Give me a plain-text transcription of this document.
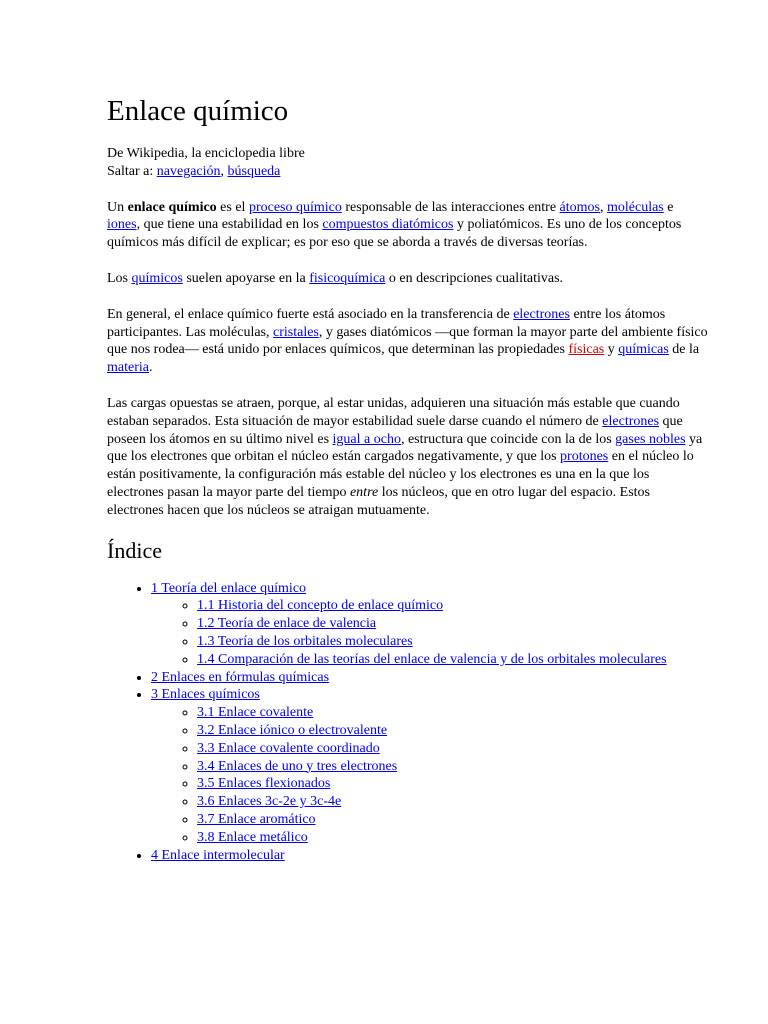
Enlace químico

De Wikipedia, la enciclopedia libre

Saltar a: navegación, búsqueda

Un enlace químico es el proceso químico responsable de las interacciones entre átomos, moléculas e iones, que tiene una estabilidad en los compuestos diatómicos y poliatómicos. Es uno de los conceptos químicos más difícil de explicar; es por eso que se aborda a través de diversas teorías.

Los químicos suelen apoyarse en la fisicoquímica o en descripciones cualitativas.

En general, el enlace químico fuerte está asociado en la transferencia de electrones entre los átomos participantes. Las moléculas, cristales, y gases diatómicos —que forman la mayor parte del ambiente físico que nos rodea— está unido por enlaces químicos, que determinan las propiedades físicas y químicas de la materia.

Las cargas opuestas se atraen, porque, al estar unidas, adquieren una situación más estable que cuando estaban separados. Esta situación de mayor estabilidad suele darse cuando el número de electrones que poseen los átomos en su último nivel es igual a ocho, estructura que coincide con la de los gases nobles ya que los electrones que orbitan el núcleo están cargados negativamente, y que los protones en el núcleo lo están positivamente, la configuración más estable del núcleo y los electrones es una en la que los electrones pasan la mayor parte del tiempo entre los núcleos, que en otro lugar del espacio. Estos electrones hacen que los núcleos se atraigan mutuamente.

Índice
• 1 Teoría del enlace químico
◦ 1.1 Historia del concepto de enlace químico
◦ 1.2 Teoría de enlace de valencia
◦ 1.3 Teoría de los orbitales moleculares
◦ 1.4 Comparación de las teorías del enlace de valencia y de los orbitales moleculares
• 2 Enlaces en fórmulas químicas
• 3 Enlaces químicos
◦ 3.1 Enlace covalente
◦ 3.2 Enlace iónico o electrovalente
◦ 3.3 Enlace covalente coordinado
◦ 3.4 Enlaces de uno y tres electrones
◦ 3.5 Enlaces flexionados
◦ 3.6 Enlaces 3c-2e y 3c-4e
◦ 3.7 Enlace aromático
◦ 3.8 Enlace metálico
• 4 Enlace intermolecular
